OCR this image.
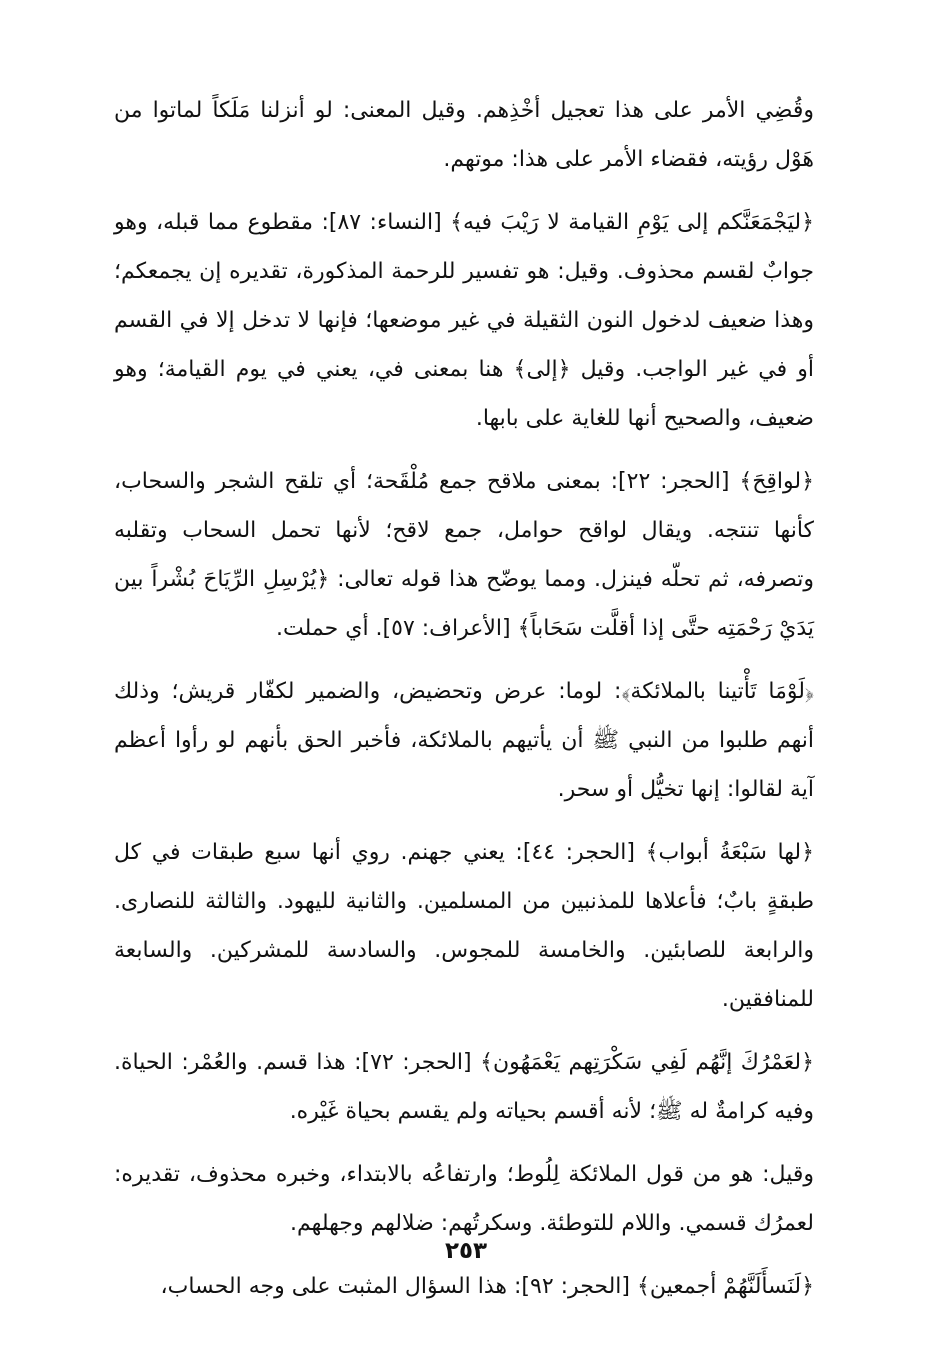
وقُضِي الأمر على هذا تعجيل أخْذِهم. وقيل المعنى: لو أنزلنا مَلَكاً لماتوا من هَوْل رؤيته، فقضاء الأمر على هذا: موتهم.

﴿ليَجْمَعَنَّكم إلى يَوْمِ القيامة لا رَيْبَ فيه﴾ [النساء: ٨٧]: مقطوع مما قبله، وهو جوابٌ لقسم محذوف. وقيل: هو تفسير للرحمة المذكورة، تقديره إن يجمعكم؛ وهذا ضعيف لدخول النون الثقيلة في غير موضعها؛ فإنها لا تدخل إلا في القسم أو في غير الواجب. وقيل ﴿إلى﴾ هنا بمعنى في، يعني في يوم القيامة؛ وهو ضعيف، والصحيح أنها للغاية على بابها.

﴿لواقِحَ﴾ [الحجر: ٢٢]: بمعنى ملاقح جمع مُلْقَحة؛ أي تلقح الشجر والسحاب، كأنها تنتجه. ويقال لواقح حوامل، جمع لاقح؛ لأنها تحمل السحاب وتقلبه وتصرفه، ثم تحلّه فينزل. ومما يوضّح هذا قوله تعالى: ﴿يُرْسِلِ الرِّيَاحَ بُشْراً بين يَدَيْ رَحْمَتِه حتَّى إذا أقلَّت سَحَاباً﴾ [الأعراف: ٥٧]. أي حملت.

﴿لَوْمَا تَأْتينا بالملائكة﴾: لوما: عرض وتحضيض، والضمير لكفّار قريش؛ وذلك أنهم طلبوا من النبي ﷺ أن يأتيهم بالملائكة، فأخبر الحق بأنهم لو رأوا أعظم آية لقالوا: إنها تخيُّل أو سحر.

﴿لها سَبْعَةُ أبواب﴾ [الحجر: ٤٤]: يعني جهنم. روي أنها سبع طبقات في كل طبقةٍ بابٌ؛ فأعلاها للمذنبين من المسلمين. والثانية لليهود. والثالثة للنصارى. والرابعة للصابئين. والخامسة للمجوس. والسادسة للمشركين. والسابعة للمنافقين.

﴿لعَمْرُكَ إنَّهُم لَفِي سَكْرَتِهم يَعْمَهُون﴾ [الحجر: ٧٢]: هذا قسم. والعُمْر: الحياة. وفيه كرامةٌ له ﷺ؛ لأنه أقسم بحياته ولم يقسم بحياة غَيْره.

وقيل: هو من قول الملائكة لِلُوط؛ وارتفاعُه بالابتداء، وخبره محذوف، تقديره: لعمرُك قسمي. واللام للتوطئة. وسكرتُهم: ضلالهم وجهلهم.

﴿لَنَسأَلَنَّهُمْ أجمعين﴾ [الحجر: ٩٢]: هذا السؤال المثبت على وجه الحساب،

٢٥٣
